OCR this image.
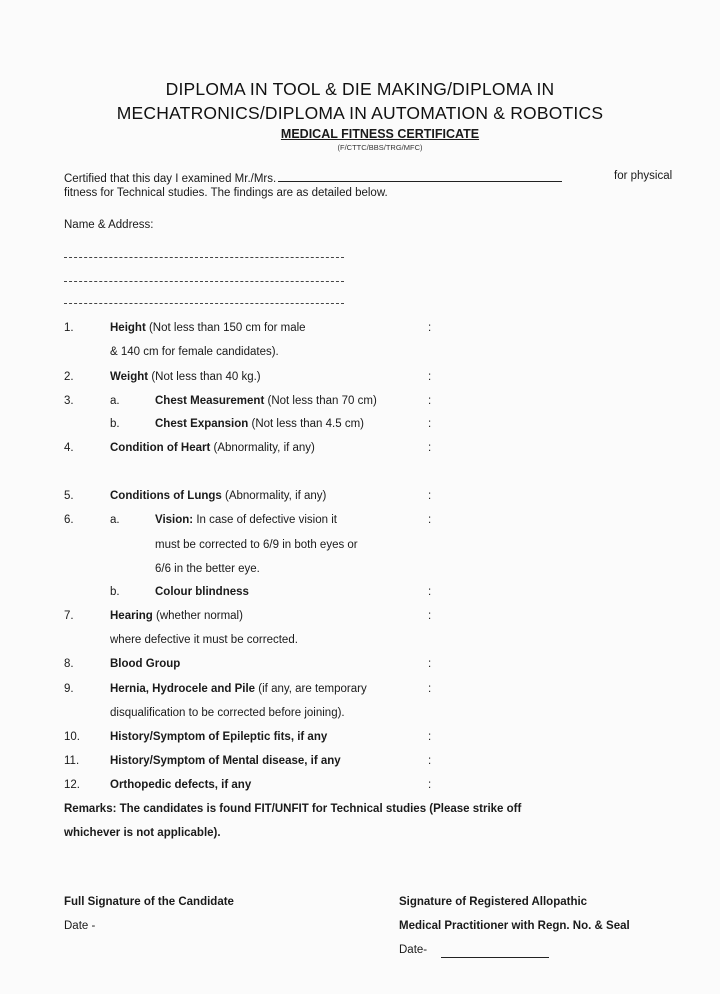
DIPLOMA IN TOOL & DIE MAKING/DIPLOMA IN
MECHATRONICS/DIPLOMA IN AUTOMATION & ROBOTICS
MEDICAL FITNESS CERTIFICATE
(F/CTTC/BBS/TRG/MFC)
Certified that this day I examined Mr./Mrs.	for physical
fitness for Technical studies. The findings are as detailed below.
Name & Address:
1.	Height (Not less than 150 cm for male	:
& 140 cm for female candidates).
2.	Weight (Not less than 40 kg.)	:
3.	a.	Chest Measurement (Not less than 70 cm)	:
b.	Chest Expansion (Not less than 4.5 cm)	:
4.	Condition of Heart (Abnormality, if any)	:
5.	Conditions of Lungs (Abnormality, if any)	:
6.	a.	Vision: In case of defective vision it	:
must be corrected to 6/9 in both eyes or
6/6 in the better eye.
b.	Colour blindness	:
7.	Hearing (whether normal)	:
where defective it must be corrected.
8.	Blood Group	:
9.	Hernia, Hydrocele and Pile (if any, are temporary	:
disqualification to be corrected before joining).
10.	History/Symptom of Epileptic fits, if any	:
11.	History/Symptom of Mental disease, if any	:
12.	Orthopedic defects, if any	:
Remarks: The candidates is found FIT/UNFIT for Technical studies (Please strike off
whichever is not applicable).
Full Signature of the Candidate
Date -
Signature of Registered Allopathic
Medical Practitioner with Regn. No. & Seal
Date-
